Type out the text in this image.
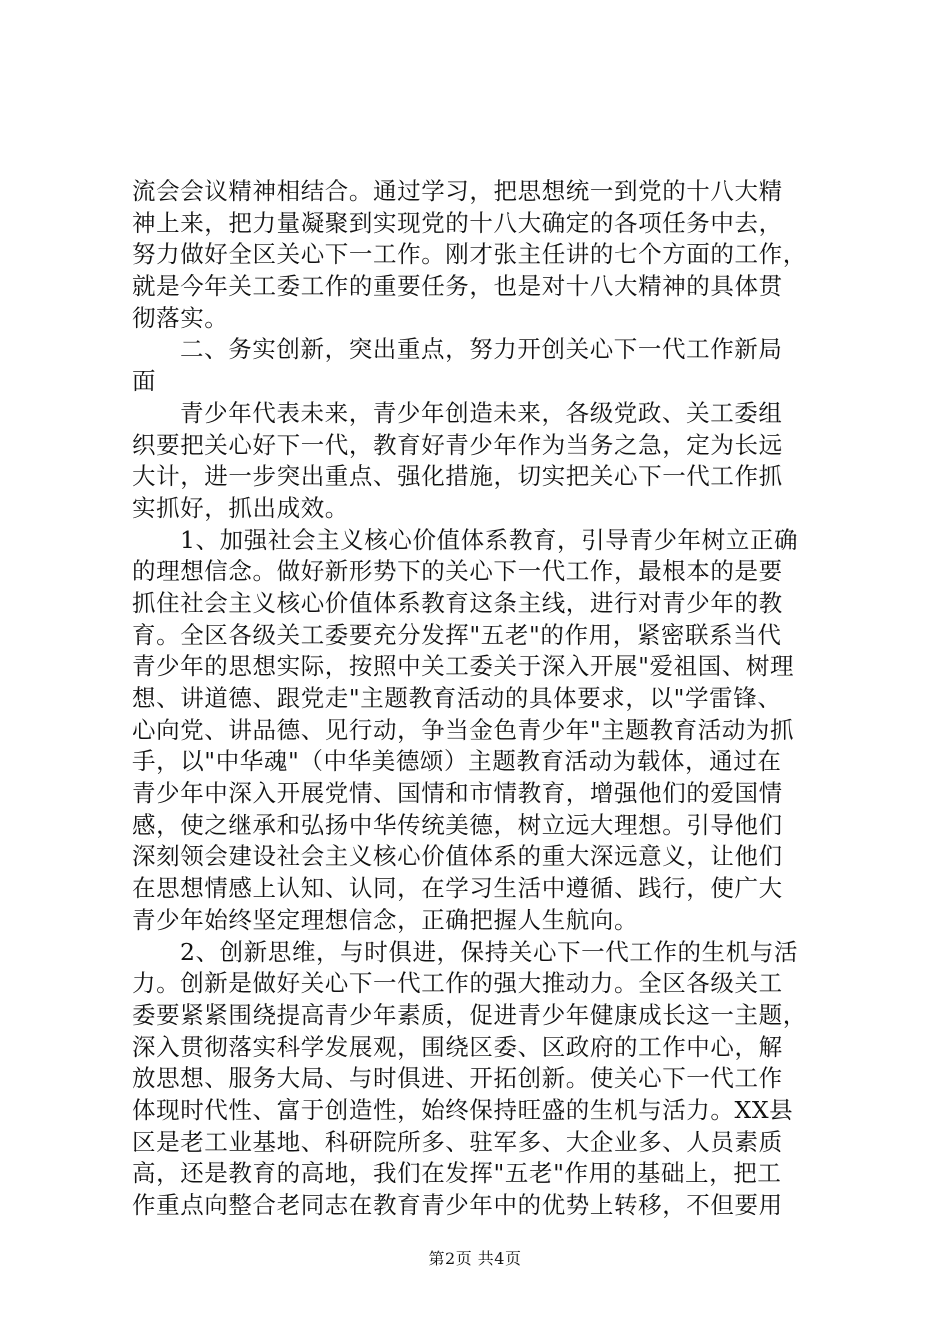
流会会议精神相结合。通过学习，把思想统一到党的十八大精
神上来，把力量凝聚到实现党的十八大确定的各项任务中去，
努力做好全区关心下一工作。刚才张主任讲的七个方面的工作，
就是今年关工委工作的重要任务，也是对十八大精神的具体贯
彻落实。
二、务实创新，突出重点，努力开创关心下一代工作新局
面
青少年代表未来，青少年创造未来，各级党政、关工委组
织要把关心好下一代，教育好青少年作为当务之急，定为长远
大计，进一步突出重点、强化措施，切实把关心下一代工作抓
实抓好，抓出成效。
1、加强社会主义核心价值体系教育，引导青少年树立正确
的理想信念。做好新形势下的关心下一代工作，最根本的是要
抓住社会主义核心价值体系教育这条主线，进行对青少年的教
育。全区各级关工委要充分发挥"五老"的作用，紧密联系当代
青少年的思想实际，按照中关工委关于深入开展"爱祖国、树理
想、讲道德、跟党走"主题教育活动的具体要求，以"学雷锋、
心向党、讲品德、见行动，争当金色青少年"主题教育活动为抓
手，以"中华魂"（中华美德颂）主题教育活动为载体，通过在
青少年中深入开展党情、国情和市情教育，增强他们的爱国情
感，使之继承和弘扬中华传统美德，树立远大理想。引导他们
深刻领会建设社会主义核心价值体系的重大深远意义，让他们
在思想情感上认知、认同，在学习生活中遵循、践行，使广大
青少年始终坚定理想信念，正确把握人生航向。
2、创新思维，与时俱进，保持关心下一代工作的生机与活
力。创新是做好关心下一代工作的强大推动力。全区各级关工
委要紧紧围绕提高青少年素质，促进青少年健康成长这一主题，
深入贯彻落实科学发展观，围绕区委、区政府的工作中心，解
放思想、服务大局、与时俱进、开拓创新。使关心下一代工作
体现时代性、富于创造性，始终保持旺盛的生机与活力。XX县
区是老工业基地、科研院所多、驻军多、大企业多、人员素质
高，还是教育的高地，我们在发挥"五老"作用的基础上，把工
作重点向整合老同志在教育青少年中的优势上转移，不但要用
第2页 共4页
